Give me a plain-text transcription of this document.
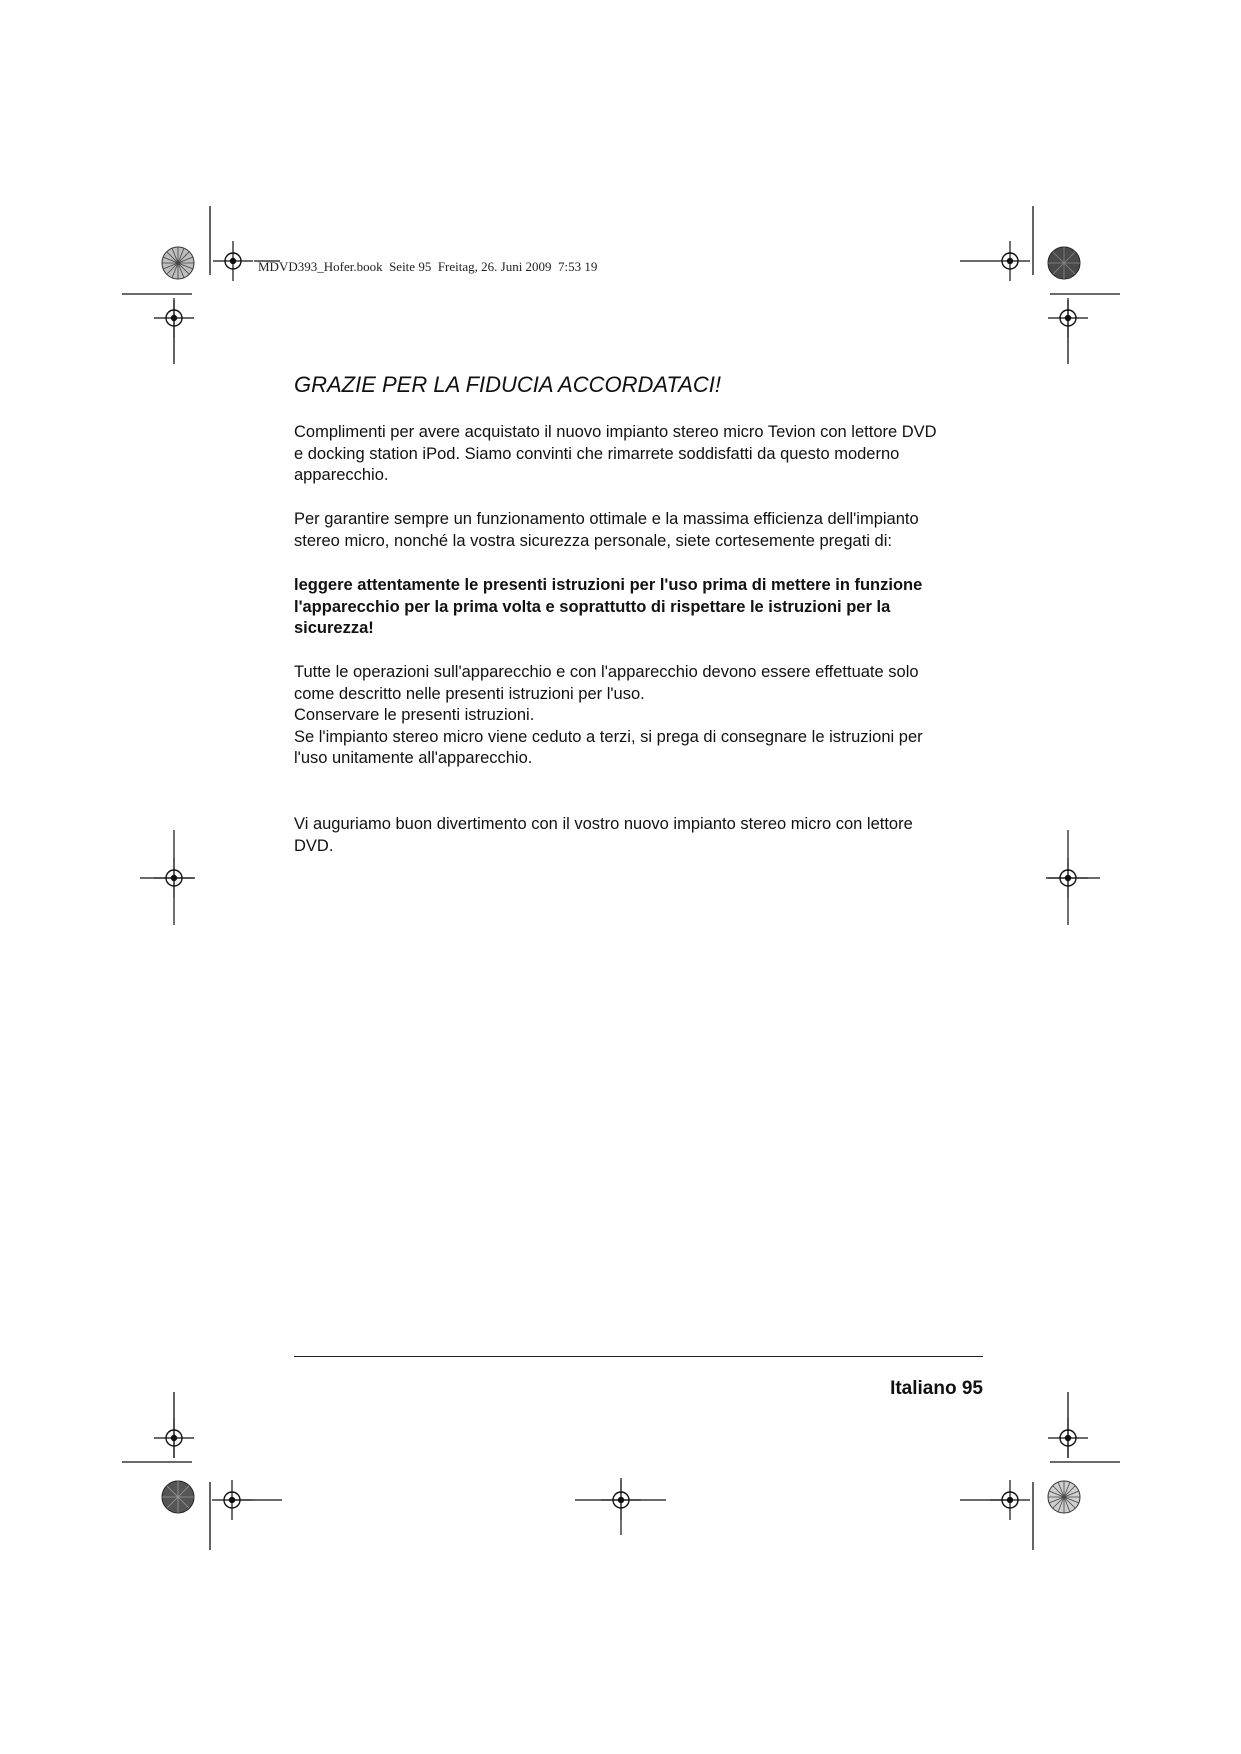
MDVD393_Hofer.book  Seite 95  Freitag, 26. Juni 2009  7:53 19
GRAZIE PER LA FIDUCIA ACCORDATACI!

Complimenti per avere acquistato il nuovo impianto stereo micro Tevion con lettore DVD
e docking station iPod. Siamo convinti che rimarrete soddisfatti da questo moderno
apparecchio.

Per garantire sempre un funzionamento ottimale e la massima efficienza dell'impianto
stereo micro, nonché la vostra sicurezza personale, siete cortesemente pregati di:

leggere attentamente le presenti istruzioni per l'uso prima di mettere in funzione
l'apparecchio per la prima volta e soprattutto di rispettare le istruzioni per la
sicurezza!

Tutte le operazioni sull'apparecchio e con l'apparecchio devono essere effettuate solo
come descritto nelle presenti istruzioni per l'uso.
Conservare le presenti istruzioni.
Se l'impianto stereo micro viene ceduto a terzi, si prega di consegnare le istruzioni per
l'uso unitamente all'apparecchio.

Vi auguriamo buon divertimento con il vostro nuovo impianto stereo micro con lettore
DVD.

Italiano 95
